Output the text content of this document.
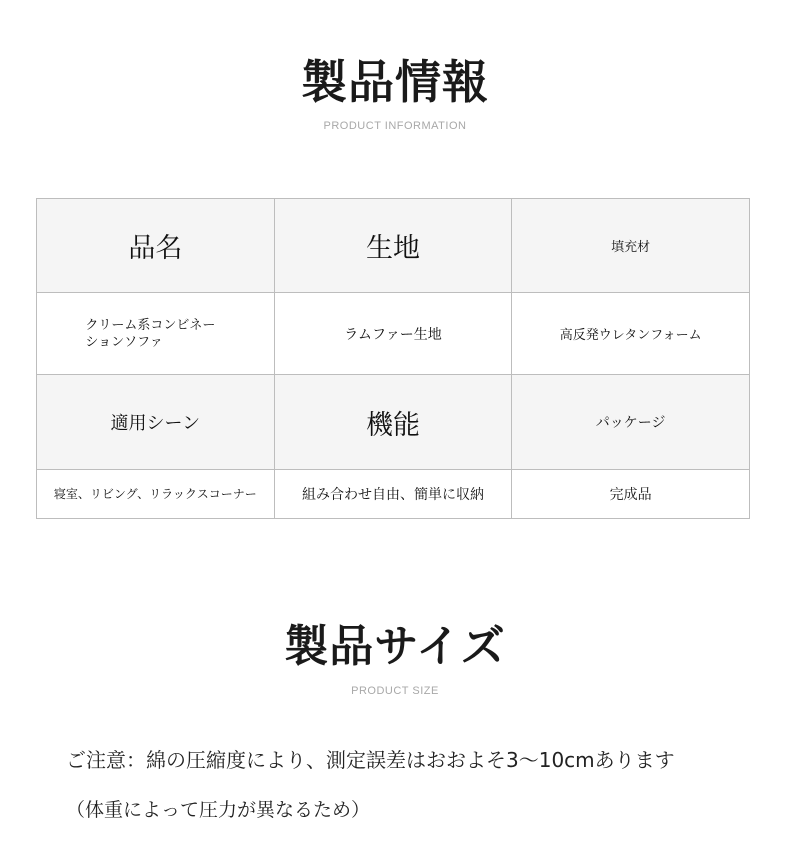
製品情報
PRODUCT INFORMATION
品名	生地	填充材
クリーム系コンビネーションソファ	ラムファー生地	高反発ウレタンフォーム
適用シーン	機能	パッケージ
寝室、リビング、リラックスコーナー	組み合わせ自由、簡単に収納	完成品
製品サイズ
PRODUCT SIZE
ご注意：綿の圧縮度により、測定誤差はおおよそ3〜10cmあります
（体重によって圧力が異なるため）
